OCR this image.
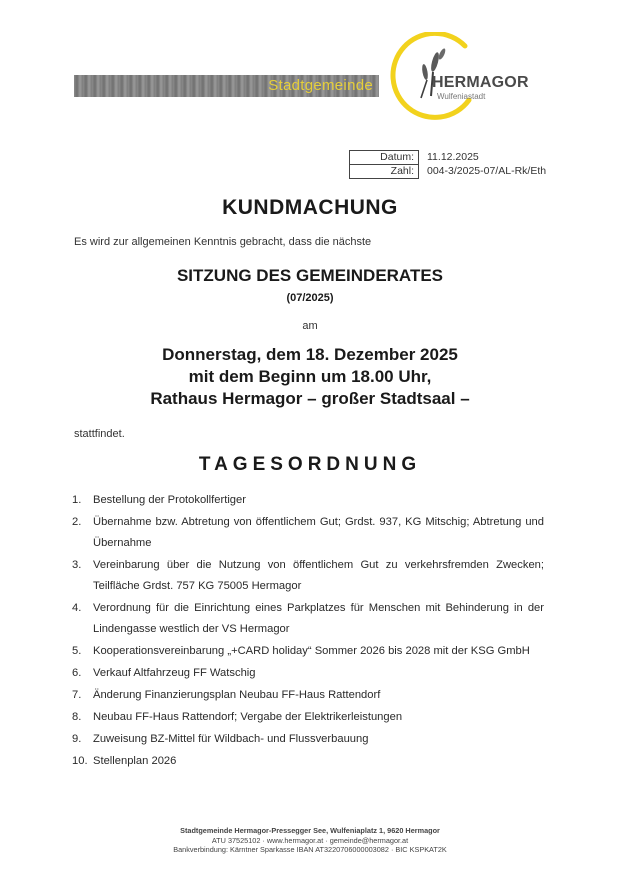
Stadtgemeinde	HERMAGOR
Wulfeniastadt
Datum:	11.12.2025
Zahl:	004-3/2025-07/AL-Rk/Eth
KUNDMACHUNG
Es wird zur allgemeinen Kenntnis gebracht, dass die nächste
SITZUNG DES GEMEINDERATES
(07/2025)
am
Donnerstag, dem 18. Dezember 2025
mit dem Beginn um 18.00 Uhr,
Rathaus Hermagor – großer Stadtsaal –
stattfindet.
TAGESORDNUNG
1. Bestellung der Protokollfertiger
2. Übernahme bzw. Abtretung von öffentlichem Gut; Grdst. 937, KG Mitschig; Abtretung und Übernahme
3. Vereinbarung über die Nutzung von öffentlichem Gut zu verkehrsfremden Zwecken; Teilfläche Grdst. 757 KG 75005 Hermagor
4. Verordnung für die Einrichtung eines Parkplatzes für Menschen mit Behinderung in der Lindengasse westlich der VS Hermagor
5. Kooperationsvereinbarung „+CARD holiday“ Sommer 2026 bis 2028 mit der KSG GmbH
6. Verkauf Altfahrzeug FF Watschig
7. Änderung Finanzierungsplan Neubau FF-Haus Rattendorf
8. Neubau FF-Haus Rattendorf; Vergabe der Elektrikerleistungen
9. Zuweisung BZ-Mittel für Wildbach- und Flussverbauung
10. Stellenplan 2026
Stadtgemeinde Hermagor-Pressegger See, Wulfeniaplatz 1, 9620 Hermagor
ATU 37525102 · www.hermagor.at · gemeinde@hermagor.at
Bankverbindung: Kärntner Sparkasse IBAN AT3220706000003082 · BIC KSPKAT2K
